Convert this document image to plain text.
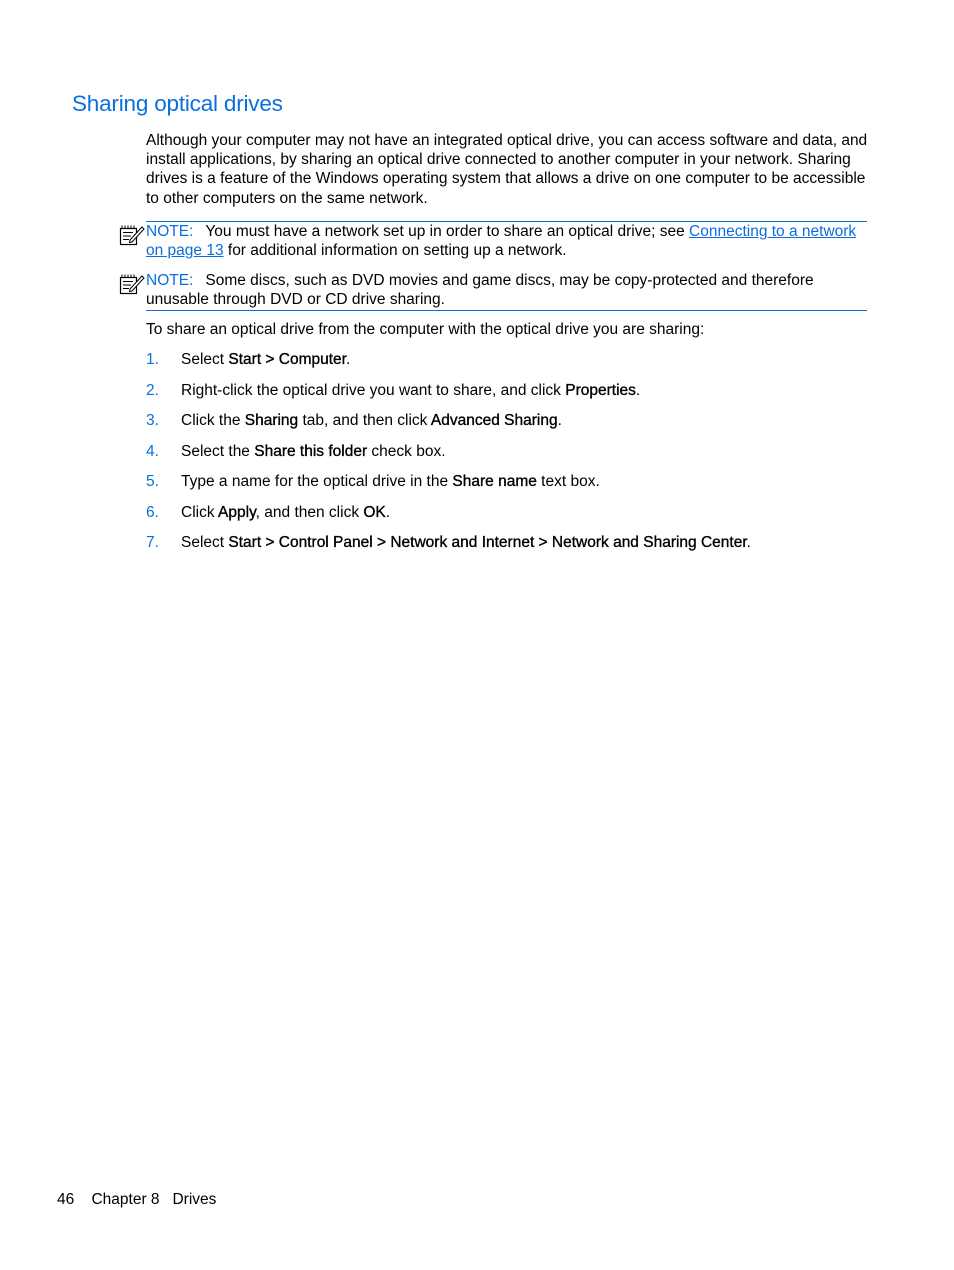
Sharing optical drives

Although your computer may not have an integrated optical drive, you can access software and data, and install applications, by sharing an optical drive connected to another computer in your network. Sharing drives is a feature of the Windows operating system that allows a drive on one computer to be accessible to other computers on the same network.

NOTE: You must have a network set up in order to share an optical drive; see Connecting to a network on page 13 for additional information on setting up a network.
NOTE: Some discs, such as DVD movies and game discs, may be copy-protected and therefore unusable through DVD or CD drive sharing.

To share an optical drive from the computer with the optical drive you are sharing:

1. Select Start > Computer.
2. Right-click the optical drive you want to share, and click Properties.
3. Click the Sharing tab, and then click Advanced Sharing.
4. Select the Share this folder check box.
5. Type a name for the optical drive in the Share name text box.
6. Click Apply, and then click OK.
7. Select Start > Control Panel > Network and Internet > Network and Sharing Center.
46 Chapter 8 Drives
